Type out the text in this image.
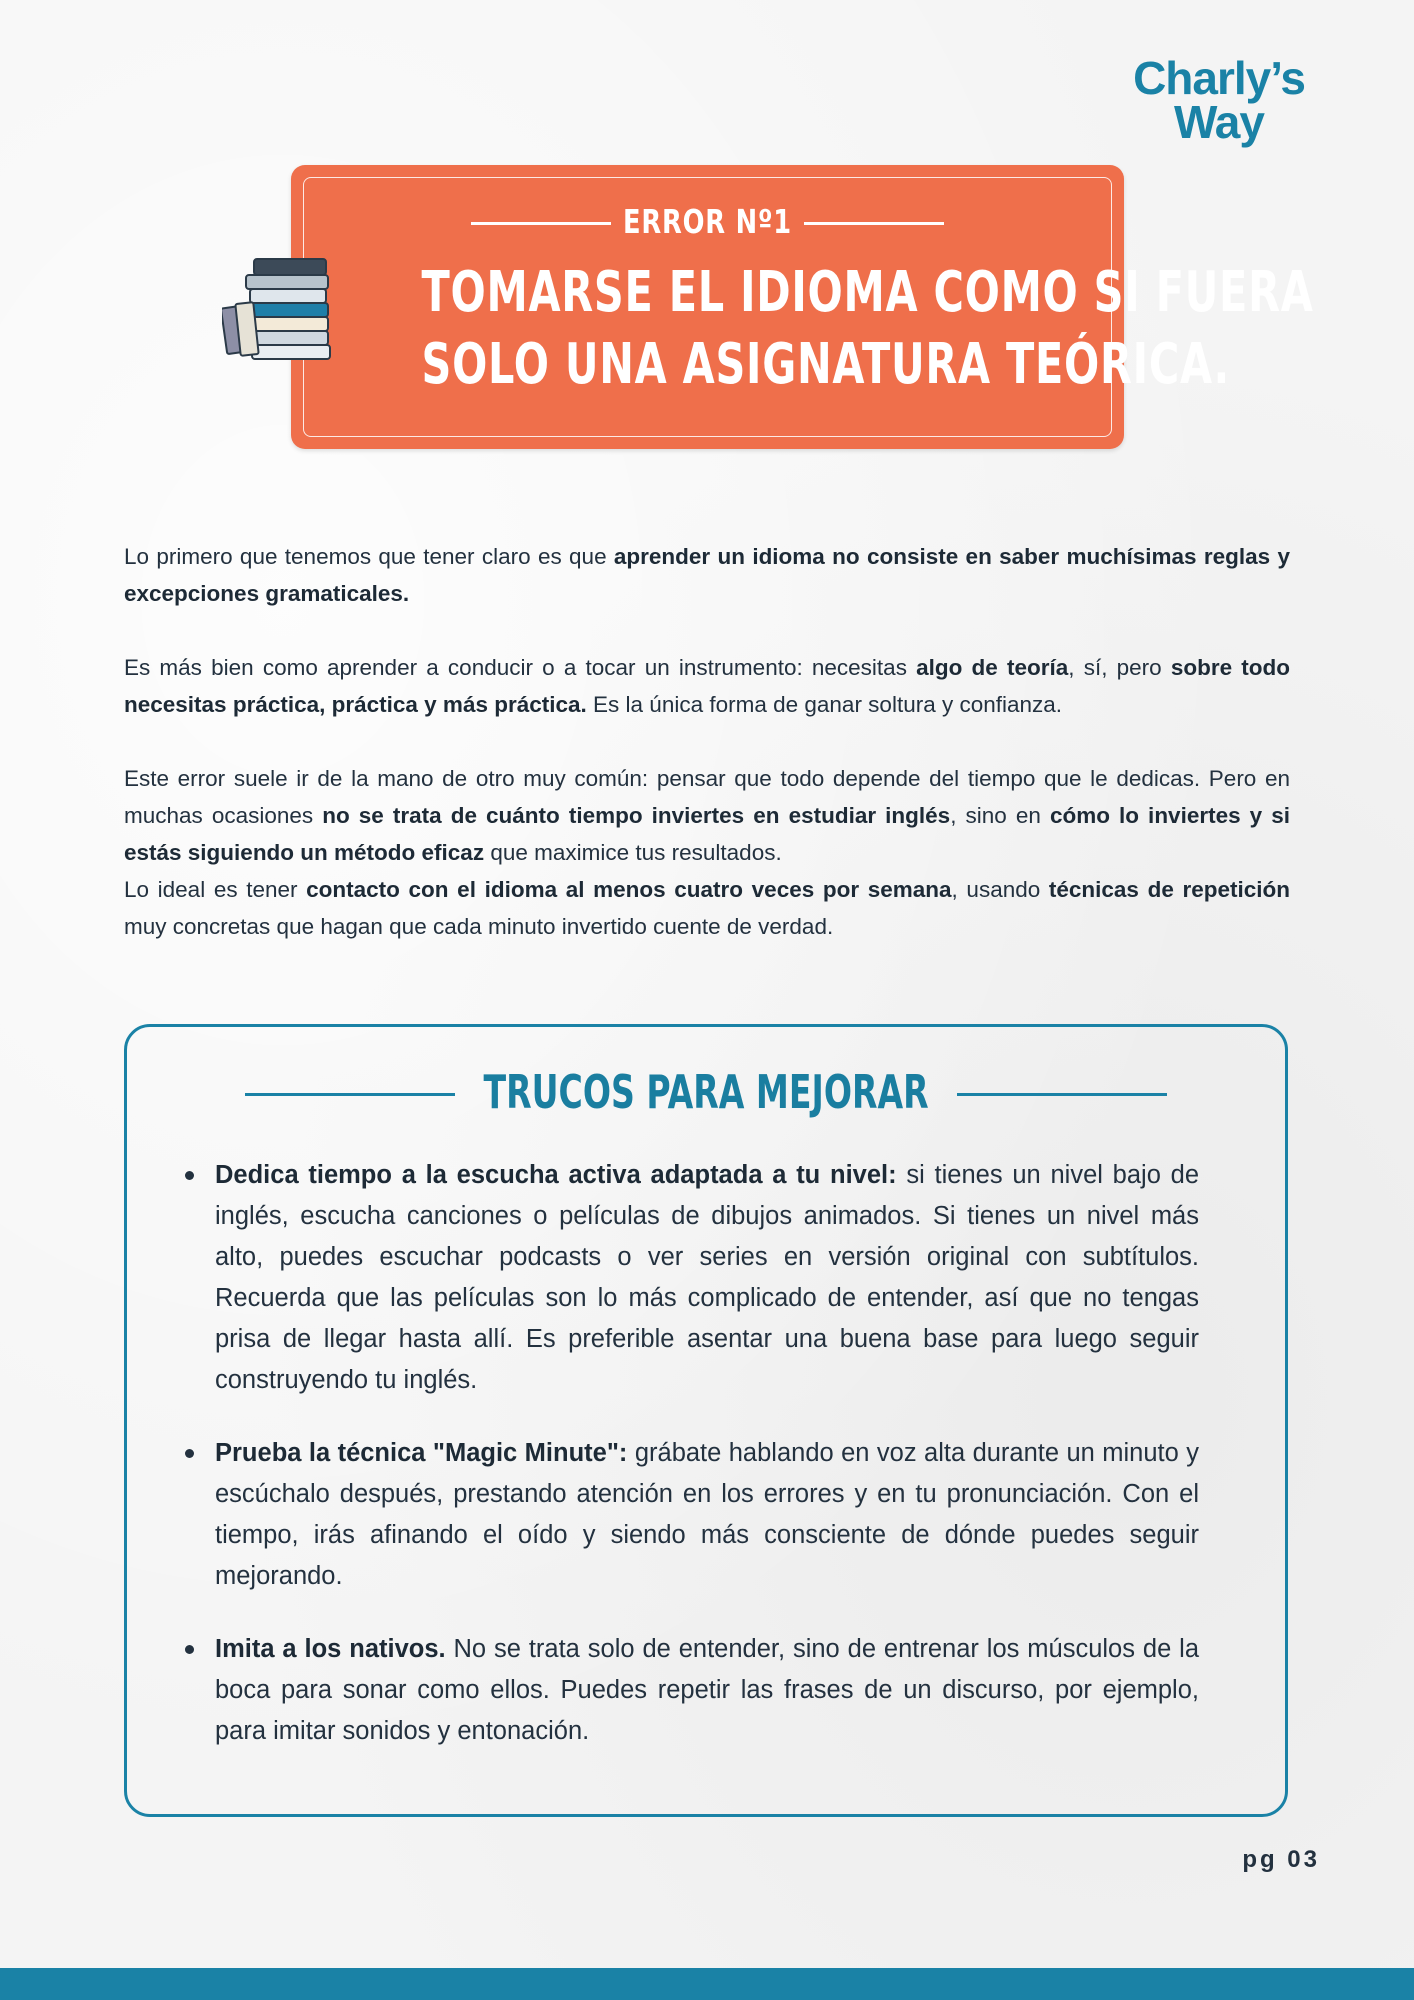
Charly’s
Way
ERROR Nº1
TOMARSE EL IDIOMA COMO SI FUERA
SOLO UNA ASIGNATURA TEÓRICA.
Lo primero que tenemos que tener claro es que aprender un idioma no consiste en saber muchísimas reglas y excepciones gramaticales.
Es más bien como aprender a conducir o a tocar un instrumento: necesitas algo de teoría, sí, pero sobre todo necesitas práctica, práctica y más práctica. Es la única forma de ganar soltura y confianza.
Este error suele ir de la mano de otro muy común: pensar que todo depende del tiempo que le dedicas. Pero en muchas ocasiones no se trata de cuánto tiempo inviertes en estudiar inglés, sino en cómo lo inviertes y si estás siguiendo un método eficaz que maximice tus resultados.
Lo ideal es tener contacto con el idioma al menos cuatro veces por semana, usando técnicas de repetición muy concretas que hagan que cada minuto invertido cuente de verdad.
TRUCOS PARA MEJORAR
Dedica tiempo a la escucha activa adaptada a tu nivel: si tienes un nivel bajo de inglés, escucha canciones o películas de dibujos animados. Si tienes un nivel más alto, puedes escuchar podcasts o ver series en versión original con subtítulos. Recuerda que las películas son lo más complicado de entender, así que no tengas prisa de llegar hasta allí. Es preferible asentar una buena base para luego seguir construyendo tu inglés.
Prueba la técnica "Magic Minute": grábate hablando en voz alta durante un minuto y escúchalo después, prestando atención en los errores y en tu pronunciación. Con el tiempo, irás afinando el oído y siendo más consciente de dónde puedes seguir mejorando.
Imita a los nativos. No se trata solo de entender, sino de entrenar los músculos de la boca para sonar como ellos. Puedes repetir las frases de un discurso, por ejemplo, para imitar sonidos y entonación.
pg 03
